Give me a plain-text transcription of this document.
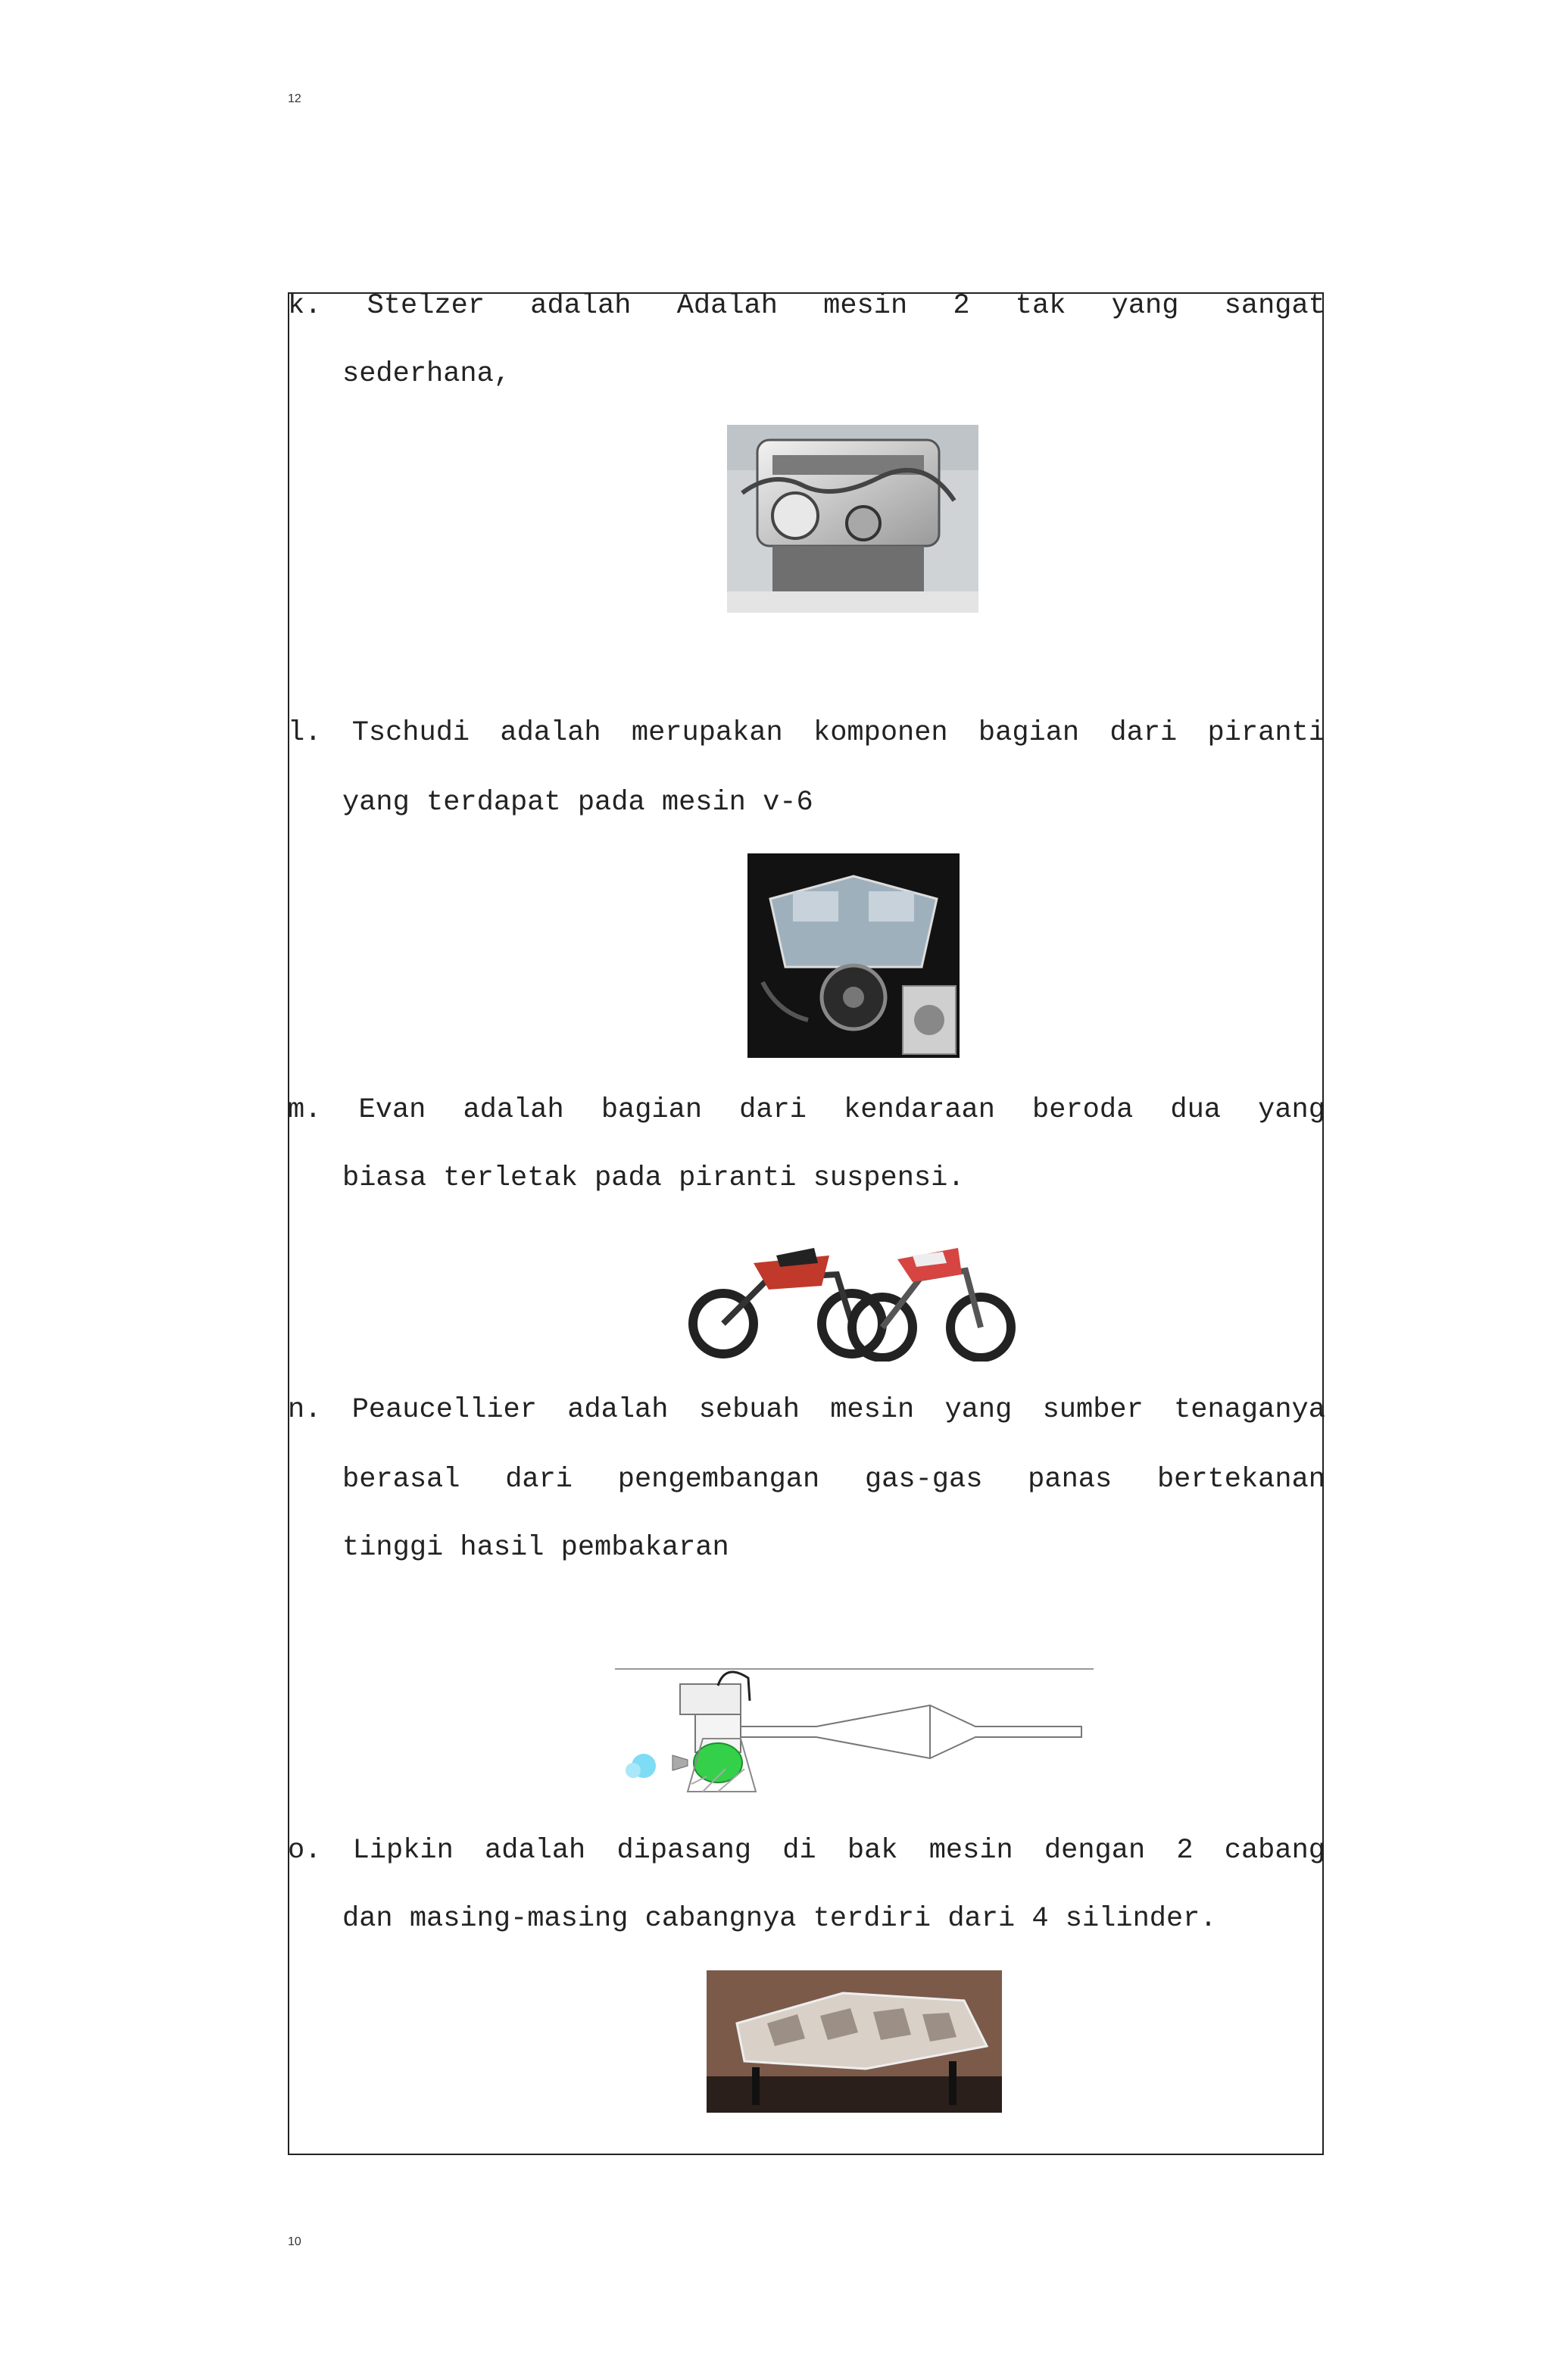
12
k. Stelzer adalah Adalah mesin 2 tak yang sangat
sederhana,
l. Tschudi adalah merupakan komponen bagian dari piranti
yang terdapat pada mesin v-6
m. Evan adalah bagian dari kendaraan beroda dua yang
biasa terletak pada piranti suspensi.
n. Peaucellier adalah sebuah mesin yang sumber tenaganya
berasal dari pengembangan gas-gas panas bertekanan
tinggi hasil pembakaran
o. Lipkin adalah dipasang di bak mesin dengan 2 cabang
dan masing-masing cabangnya terdiri dari 4 silinder.
10
